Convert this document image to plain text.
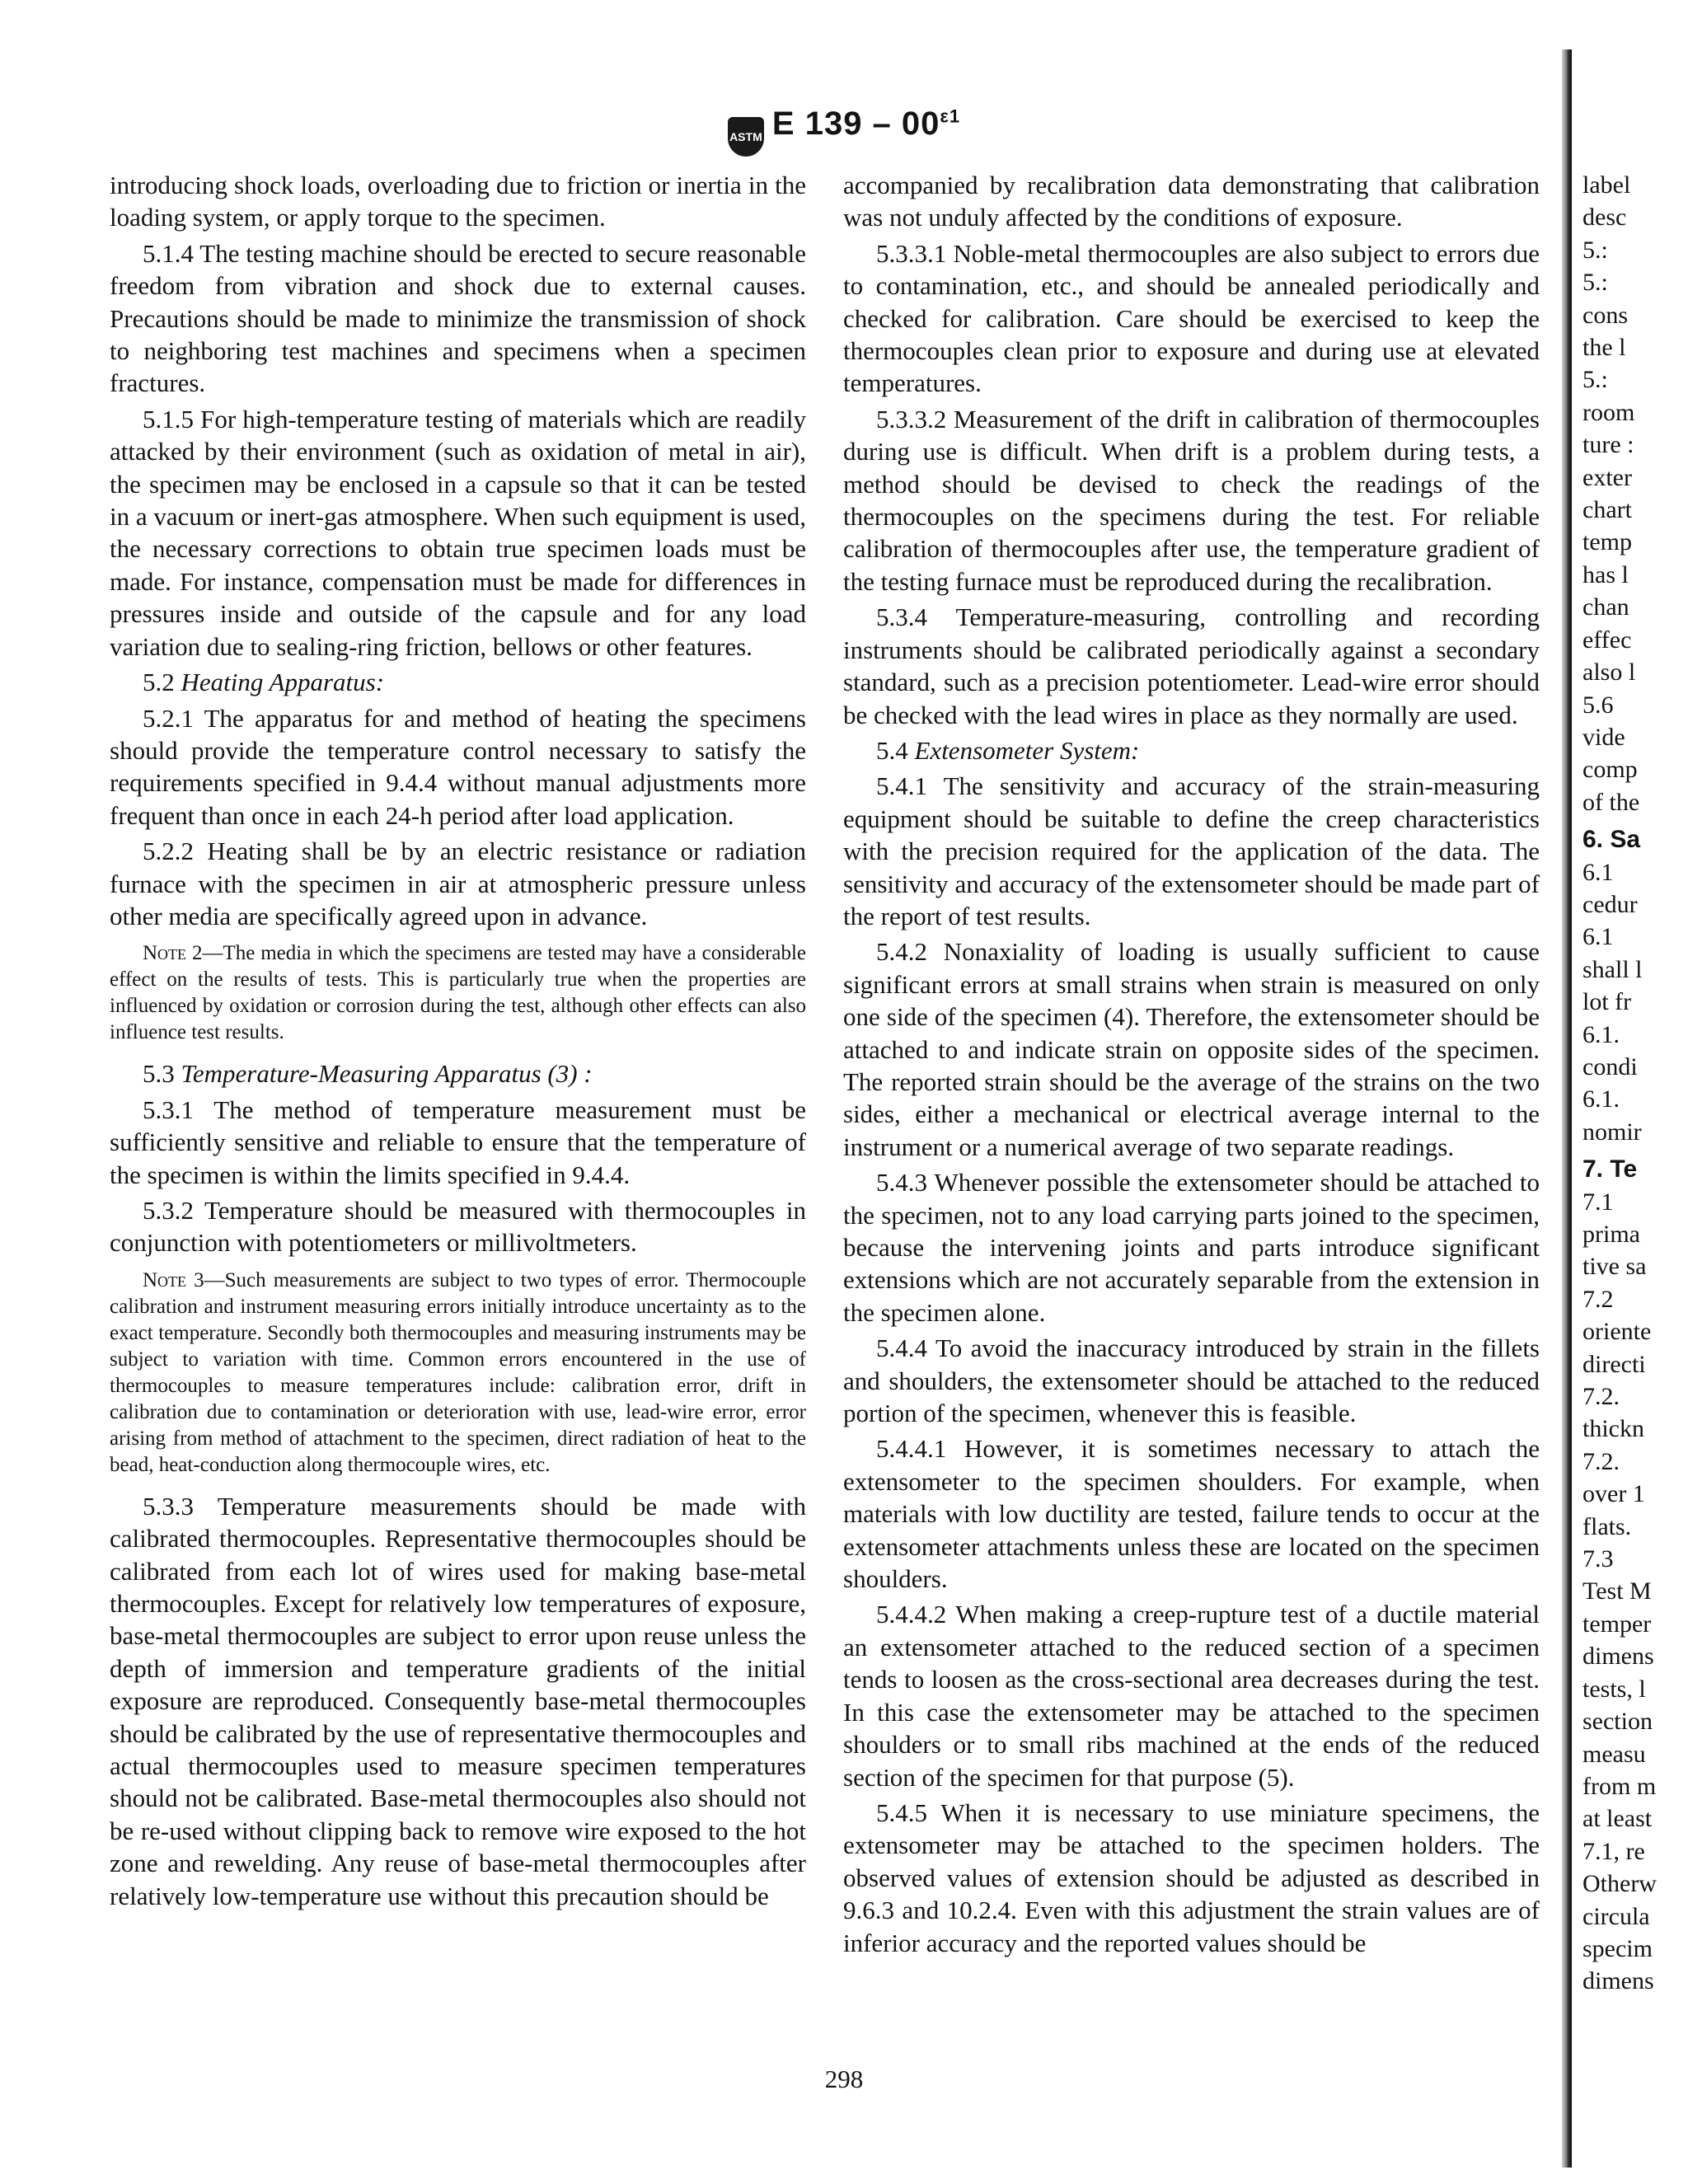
ASTM E $139 - 00^{\varepsilon 1}$

introducing shock loads, overloading due to friction or inertia in the loading system, or apply torque to the specimen.

5.1.4 The testing machine should be erected to secure reasonable freedom from vibration and shock due to external causes. Precautions should be made to minimize the transmission of shock to neighboring test machines and specimens when a specimen fractures.

5.1.5 For high-temperature testing of materials which are readily attacked by their environment (such as oxidation of metal in air), the specimen may be enclosed in a capsule so that it can be tested in a vacuum or inert-gas atmosphere. When such equipment is used, the necessary corrections to obtain true specimen loads must be made. For instance, compensation must be made for differences in pressures inside and outside of the capsule and for any load variation due to sealing-ring friction, bellows or other features.

5.2 Heating Apparatus:

5.2.1 The apparatus for and method of heating the specimens should provide the temperature control necessary to satisfy the requirements specified in 9.4.4 without manual adjustments more frequent than once in each 24-h period after load application.

5.2.2 Heating shall be by an electric resistance or radiation furnace with the specimen in air at atmospheric pressure unless other media are specifically agreed upon in advance.

Note 2—The media in which the specimens are tested may have a considerable effect on the results of tests. This is particularly true when the properties are influenced by oxidation or corrosion during the test, although other effects can also influence test results.

5.3 Temperature-Measuring Apparatus (3) :

5.3.1 The method of temperature measurement must be sufficiently sensitive and reliable to ensure that the temperature of the specimen is within the limits specified in 9.4.4.

5.3.2 Temperature should be measured with thermocouples in conjunction with potentiometers or millivoltmeters.

Note 3—Such measurements are subject to two types of error. Thermocouple calibration and instrument measuring errors initially introduce uncertainty as to the exact temperature. Secondly both thermocouples and measuring instruments may be subject to variation with time. Common errors encountered in the use of thermocouples to measure temperatures include: calibration error, drift in calibration due to contamination or deterioration with use, lead-wire error, error arising from method of attachment to the specimen, direct radiation of heat to the bead, heat-conduction along thermocouple wires, etc.

5.3.3 Temperature measurements should be made with calibrated thermocouples. Representative thermocouples should be calibrated from each lot of wires used for making base-metal thermocouples. Except for relatively low temperatures of exposure, base-metal thermocouples are subject to error upon reuse unless the depth of immersion and temperature gradients of the initial exposure are reproduced. Consequently base-metal thermocouples should be calibrated by the use of representative thermocouples and actual thermocouples used to measure specimen temperatures should not be calibrated. Base-metal thermocouples also should not be re-used without clipping back to remove wire exposed to the hot zone and rewelding. Any reuse of base-metal thermocouples after relatively low-temperature use without this precaution should be

accompanied by recalibration data demonstrating that calibration was not unduly affected by the conditions of exposure.

5.3.3.1 Noble-metal thermocouples are also subject to errors due to contamination, etc., and should be annealed periodically and checked for calibration. Care should be exercised to keep the thermocouples clean prior to exposure and during use at elevated temperatures.

5.3.3.2 Measurement of the drift in calibration of thermocouples during use is difficult. When drift is a problem during tests, a method should be devised to check the readings of the thermocouples on the specimens during the test. For reliable calibration of thermocouples after use, the temperature gradient of the testing furnace must be reproduced during the recalibration.

5.3.4 Temperature-measuring, controlling and recording instruments should be calibrated periodically against a secondary standard, such as a precision potentiometer. Lead-wire error should be checked with the lead wires in place as they normally are used.

5.4 Extensometer System:

5.4.1 The sensitivity and accuracy of the strain-measuring equipment should be suitable to define the creep characteristics with the precision required for the application of the data. The sensitivity and accuracy of the extensometer should be made part of the report of test results.

5.4.2 Nonaxiality of loading is usually sufficient to cause significant errors at small strains when strain is measured on only one side of the specimen (4). Therefore, the extensometer should be attached to and indicate strain on opposite sides of the specimen. The reported strain should be the average of the strains on the two sides, either a mechanical or electrical average internal to the instrument or a numerical average of two separate readings.

5.4.3 Whenever possible the extensometer should be attached to the specimen, not to any load carrying parts joined to the specimen, because the intervening joints and parts introduce significant extensions which are not accurately separable from the extension in the specimen alone.

5.4.4 To avoid the inaccuracy introduced by strain in the fillets and shoulders, the extensometer should be attached to the reduced portion of the specimen, whenever this is feasible.

5.4.4.1 However, it is sometimes necessary to attach the extensometer to the specimen shoulders. For example, when materials with low ductility are tested, failure tends to occur at the extensometer attachments unless these are located on the specimen shoulders.

5.4.4.2 When making a creep-rupture test of a ductile material an extensometer attached to the reduced section of a specimen tends to loosen as the cross-sectional area decreases during the test. In this case the extensometer may be attached to the specimen shoulders or to small ribs machined at the ends of the reduced section of the specimen for that purpose (5).

5.4.5 When it is necessary to use miniature specimens, the extensometer may be attached to the specimen holders. The observed values of extension should be adjusted as described in 9.6.3 and 10.2.4. Even with this adjustment the strain values are of inferior accuracy and the reported values should be

label
desc
5.:
5.:
cons
the l
5.:
room
ture :
exter
chart
temp
has l
chan
effec
also l
5.6
vide
comp
of the
6. Sa
6.1
cedur
6.1
shall l
lot fr
6.1.
condi
6.1.
nomir
7. Te
7.1
prima
tive sa
7.2
oriente
directi
7.2.
thickn
7.2.
over 1
flats.
7.3
Test M
temper
dimens
tests, l
section
measu
from m
at least
7.1, re
Otherw
circula
specim
dimens
298
